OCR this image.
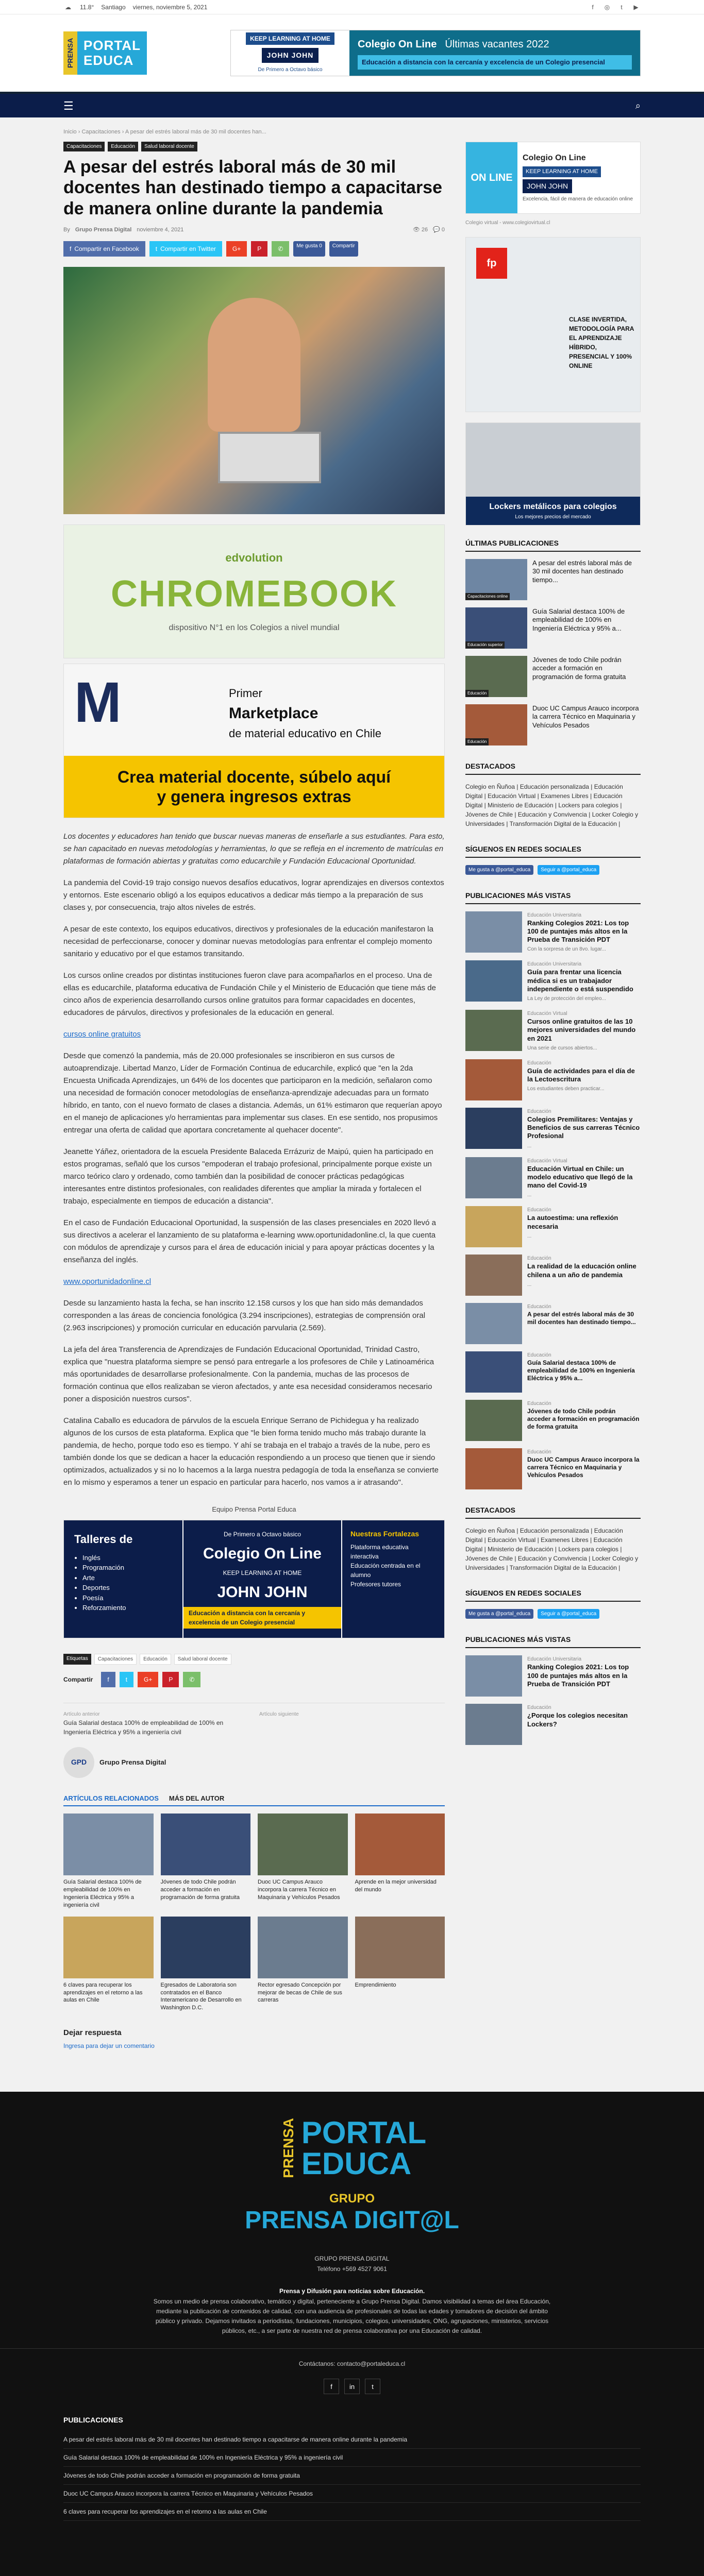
☁ 11.8° Santiago viernes, noviembre 5, 2021	f	◎	t	▶
PRENSA PORTAL
EDUCA
KEEP LEARNING AT HOME
JOHN JOHN
De Primero a Octavo básico
Colegio On Line Últimas vacantes 2022
Educación a distancia con la cercanía y excelencia de un Colegio presencial
☰	⌕
Inicio › Capacitaciones › A pesar del estrés laboral más de 30 mil docentes han...
Capacitaciones	Educación	Salud laboral docente
A pesar del estrés laboral más de 30 mil docentes han destinado tiempo a capacitarse de manera online durante la pandemia
By Grupo Prensa Digital noviembre 4, 2021	👁 26 💬 0
f Compartir en Facebook	t Compartir en Twitter	G+	P	✆	Me gusta 0	Compartir
edvolution
CHROMEBOOK
dispositivo N°1 en los Colegios a nivel mundial
M	Primer
Marketplace
de material educativo en Chile
Crea material docente, súbelo aquí
y genera ingresos extras

Los docentes y educadores han tenido que buscar nuevas maneras de enseñarle a sus estudiantes. Para esto, se han capacitado en nuevas metodologías y herramientas, lo que se refleja en el incremento de matrículas en plataformas de formación abiertas y gratuitas como educarchile y Fundación Educacional Oportunidad.

La pandemia del Covid-19 trajo consigo nuevos desafíos educativos, lograr aprendizajes en diversos contextos y entornos. Este escenario obligó a los equipos educativos a dedicar más tiempo a la preparación de sus clases y, por consecuencia, trajo altos niveles de estrés.

A pesar de este contexto, los equipos educativos, directivos y profesionales de la educación manifestaron la necesidad de perfeccionarse, conocer y dominar nuevas metodologías para enfrentar el complejo momento sanitario y educativo por el que estamos transitando.

Los cursos online creados por distintas instituciones fueron clave para acompañarlos en el proceso. Una de ellas es educarchile, plataforma educativa de Fundación Chile y el Ministerio de Educación que tiene más de cinco años de experiencia desarrollando cursos online gratuitos para formar capacidades en docentes, educadores de párvulos, directivos y profesionales de la educación en general.

cursos online gratuitos

Desde que comenzó la pandemia, más de 20.000 profesionales se inscribieron en sus cursos de autoaprendizaje. Libertad Manzo, Líder de Formación Continua de educarchile, explicó que "en la 2da Encuesta Unificada Aprendizajes, un 64% de los docentes que participaron en la medición, señalaron como una necesidad de formación conocer metodologías de enseñanza-aprendizaje adecuadas para un formato híbrido, en tanto, con el nuevo formato de clases a distancia. Además, un 61% estimaron que requerían apoyo en el manejo de aplicaciones y/o herramientas para implementar sus clases. En ese sentido, nos propusimos entregar una oferta de calidad que aportara concretamente al quehacer docente".

Jeanette Yáñez, orientadora de la escuela Presidente Balaceda Errázuriz de Maipú, quien ha participado en estos programas, señaló que los cursos "empoderan el trabajo profesional, principalmente porque existe un marco teórico claro y ordenado, como también dan la posibilidad de conocer prácticas pedagógicas interesantes entre distintos profesionales, con realidades diferentes que ampliar la mirada y fortalecen el trabajo, especialmente en tiempos de educación a distancia".

En el caso de Fundación Educacional Oportunidad, la suspensión de las clases presenciales en 2020 llevó a sus directivos a acelerar el lanzamiento de su plataforma e-learning www.oportunidadonline.cl, la que cuenta con módulos de aprendizaje y cursos para el área de educación inicial y para apoyar prácticas docentes y la enseñanza del inglés.

www.oportunidadonline.cl

Desde su lanzamiento hasta la fecha, se han inscrito 12.158 cursos y los que han sido más demandados corresponden a las áreas de conciencia fonológica (3.294 inscripciones), estrategias de comprensión oral (2.963 inscripciones) y promoción curricular en educación parvularia (2.569).

La jefa del área Transferencia de Aprendizajes de Fundación Educacional Oportunidad, Trinidad Castro, explica que "nuestra plataforma siempre se pensó para entregarle a los profesores de Chile y Latinoamérica más oportunidades de desarrollarse profesionalmente. Con la pandemia, muchas de las procesos de formación continua que ellos realizaban se vieron afectados, y ante esa necesidad consideramos necesario poner a disposición nuestros cursos".

Catalina Caballo es educadora de párvulos de la escuela Enrique Serrano de Pichidegua y ha realizado algunos de los cursos de esta plataforma. Explica que "le bien forma tenido mucho más trabajo durante la pandemia, de hecho, porque todo eso es tiempo. Y ahí se trabaja en el trabajo a través de la nube, pero es también donde los que se dedican a hacer la educación respondiendo a un proceso que tienen que ir siendo optimizados, actualizados y si no lo hacemos a la larga nuestra pedagogía de toda la enseñanza se convierte en lo mismo y esperamos a tener un espacio en particular para hacerlo, nos vamos a ir atrasando".

Equipo Prensa Portal Educa
Talleres de
• Inglés
• Programación
• Arte
• Deportes
• Poesía
• Reforzamiento
De Primero a Octavo básico
Colegio On Line
KEEP LEARNING AT HOME
JOHN JOHN
Educación a distancia con la cercanía y excelencia de un Colegio presencial
Nuestras Fortalezas
Plataforma educativa interactiva
Educación centrada en el alumno
Profesores tutores
Etiquetas	Capacitaciones	Educación	Salud laboral docente
Compartir	f	t	G+	P	✆
Artículo anterior
Guía Salarial destaca 100% de empleabilidad de 100% en Ingeniería Eléctrica y 95% a ingeniería civil
Artículo siguiente
GPD	Grupo Prensa Digital
ARTÍCULOS RELACIONADOS MÁS DEL AUTOR
Guía Salarial destaca 100% de empleabilidad de 100% en Ingeniería Eléctrica y 95% a ingeniería civil
Jóvenes de todo Chile podrán acceder a formación en programación de forma gratuita
Duoc UC Campus Arauco incorpora la carrera Técnico en Maquinaria y Vehículos Pesados
Aprende en la mejor universidad del mundo
6 claves para recuperar los aprendizajes en el retorno a las aulas en Chile
Egresados de Laboratoria son contratados en el Banco Interamericano de Desarrollo en Washington D.C.
Rector egresado Concepción por mejorar de becas de Chile de sus carreras
Emprendimiento
Dejar respuesta
Ingresa para dejar un comentario
ON LINE
Colegio On Line
KEEP LEARNING AT HOME
JOHN JOHN
Excelencia, fácil de manera de educación online
Colegio virtual - www.colegiovirtual.cl
fp
CLASE INVERTIDA, METODOLOGÍA PARA EL APRENDIZAJE HÍBRIDO, PRESENCIAL Y 100% ONLINE
Lockers metálicos para colegios
Los mejores precios del mercado
ÚLTIMAS PUBLICACIONES
Capacitaciones online
A pesar del estrés laboral más de 30 mil docentes han destinado tiempo...
Educación superior
Guía Salarial destaca 100% de empleabilidad de 100% en Ingeniería Eléctrica y 95% a...
Educación
Jóvenes de todo Chile podrán acceder a formación en programación de forma gratuita
Educación
Duoc UC Campus Arauco incorpora la carrera Técnico en Maquinaria y Vehículos Pesados
DESTACADOS
Colegio en Ñuñoa | Educación personalizada | Educación Digital | Educación Virtual | Examenes Libres | Educación Digital | Ministerio de Educación | Lockers para colegios | Jóvenes de Chile | Educación y Convivencia | Locker Colegio y Universidades | Transformación Digital de la Educación |
SÍGUENOS EN REDES SOCIALES
Me gusta a @portal_educa	Seguir a @portal_educa
PUBLICACIONES MÁS VISTAS
Educación Universitaria
Ranking Colegios 2021: Los top 100 de puntajes más altos en la Prueba de Transición PDT
Con la sorpresa de un 8vo. lugar...
Educación Universitaria
Guía para frentar una licencia médica si es un trabajador independiente o está suspendido
La Ley de protección del empleo...
Educación Virtual
Cursos online gratuitos de las 10 mejores universidades del mundo en 2021
Una serie de cursos abiertos...
Educación
Guía de actividades para el día de la Lectoescritura
Los estudiantes deben practicar...
Educación
Colegios Premilitares: Ventajas y Beneficios de sus carreras Técnico Profesional
...
Educación Virtual
Educación Virtual en Chile: un modelo educativo que llegó de la mano del Covid-19
...
Educación
La autoestima: una reflexión necesaria
...
Educación
La realidad de la educación online chilena a un año de pandemia
...
Educación
A pesar del estrés laboral más de 30 mil docentes han destinado tiempo...
Educación
Guía Salarial destaca 100% de empleabilidad de 100% en Ingeniería Eléctrica y 95% a...
Educación
Jóvenes de todo Chile podrán acceder a formación en programación de forma gratuita
Educación
Duoc UC Campus Arauco incorpora la carrera Técnico en Maquinaria y Vehículos Pesados
DESTACADOS
Colegio en Ñuñoa | Educación personalizada | Educación Digital | Educación Virtual | Examenes Libres | Educación Digital | Ministerio de Educación | Lockers para colegios | Jóvenes de Chile | Educación y Convivencia | Locker Colegio y Universidades | Transformación Digital de la Educación |
SÍGUENOS EN REDES SOCIALES
Me gusta a @portal_educa	Seguir a @portal_educa
PUBLICACIONES MÁS VISTAS
Educación Universitaria
Ranking Colegios 2021: Los top 100 de puntajes más altos en la Prueba de Transición PDT
Educación
¿Porque los colegios necesitan Lockers?
PRENSA PORTAL
EDUCA
GRUPO
PRENSA DIGIT@L
GRUPO PRENSA DIGITAL
Teléfono +569 4527 9061
Prensa y Difusión para noticias sobre Educación.
Somos un medio de prensa colaborativo, temático y digital, perteneciente a Grupo Prensa Digital. Damos visibilidad a temas del área Educación, mediante la publicación de contenidos de calidad, con una audiencia de profesionales de todas las edades y tomadores de decisión del ámbito público y privado. Dejamos invitados a periodistas, fundaciones, municipios, colegios, universidades, ONG, agrupaciones, ministerios, servicios públicos, etc., a ser parte de nuestra red de prensa colaborativa por una Educación de calidad.
Contáctanos: contacto@portaleduca.cl
f	in	t
PUBLICACIONES
A pesar del estrés laboral más de 30 mil docentes han destinado tiempo a capacitarse de manera online durante la pandemia
Guía Salarial destaca 100% de empleabilidad de 100% en Ingeniería Eléctrica y 95% a ingeniería civil
Jóvenes de todo Chile podrán acceder a formación en programación de forma gratuita
Duoc UC Campus Arauco incorpora la carrera Técnico en Maquinaria y Vehículos Pesados
6 claves para recuperar los aprendizajes en el retorno a las aulas en Chile
